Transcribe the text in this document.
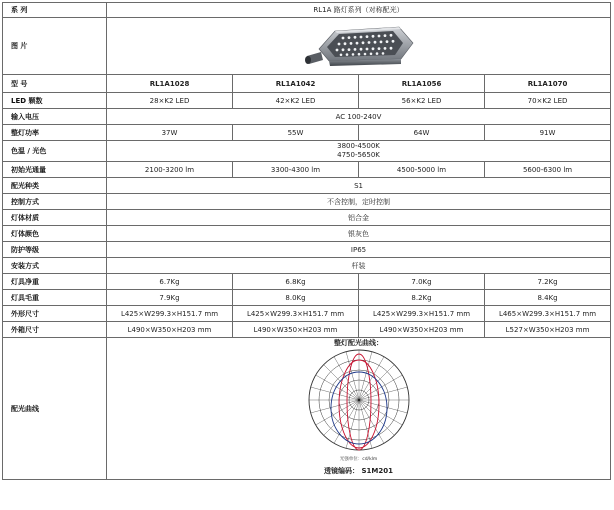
系 列	RL1A 路灯系列（对称配光）			
图 片	

型 号	RL1A1028	RL1A1042	RL1A1056	RL1A1070
LED 颗数	28×K2 LED	42×K2 LED	56×K2 LED	70×K2 LED
输入电压	AC 100-240V			
整灯功率	37W	55W	64W	91W
色温 / 光色	3800-4500K
4750-5650K			

初始光通量	2100-3200 lm	3300-4300 lm	4500-5000 lm	5600-6300 lm
配光种类	S1			
控制方式	不含控制，定时控制			
灯体材质	铝合金			
灯体颜色	银灰色			
防护等级	IP65			
安装方式	杆装			
灯具净重	6.7Kg	6.8Kg	7.0Kg	7.2Kg
灯具毛重	7.9Kg	8.0Kg	8.2Kg	8.4Kg
外形尺寸	L425×W299.3×H151.7 mm	L425×W299.3×H151.7 mm	L425×W299.3×H151.7 mm	L465×W299.3×H151.7 mm
外箱尺寸	L490×W350×H203 mm	L490×W350×H203 mm	L490×W350×H203 mm	L527×W350×H203 mm
配光曲线	整灯配光曲线：
光强单位：cd/klm
透镜编码： S1M201			
